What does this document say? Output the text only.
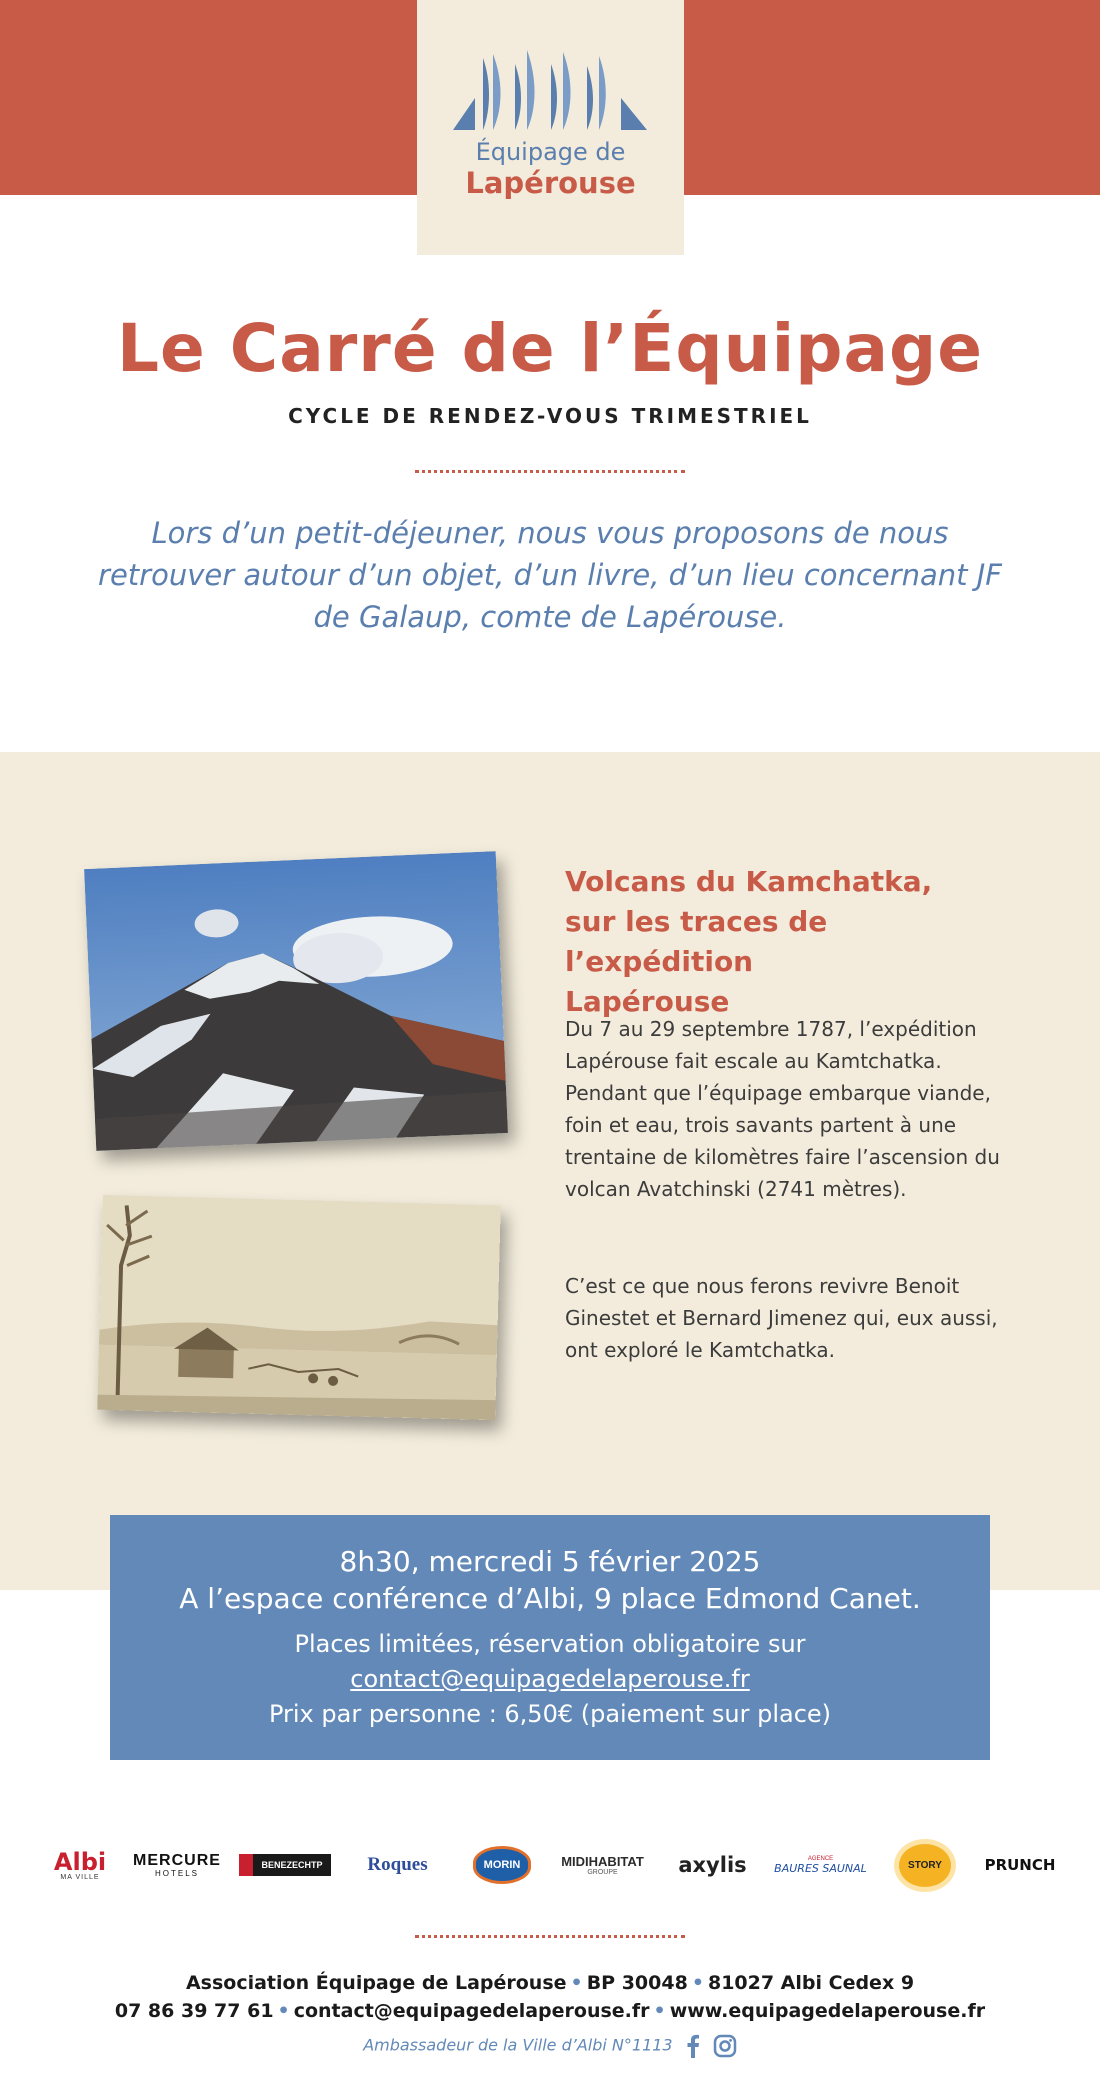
Équipage de
Lapérouse
Le Carré de l’Équipage
CYCLE DE RENDEZ-VOUS TRIMESTRIEL

Lors d’un petit-déjeuner, nous vous proposons de nous retrouver autour d’un objet, d’un livre, d’un lieu concernant JF de Galaup, comte de Lapérouse.

Volcans du Kamchatka,
sur les traces de l’expédition
Lapérouse

Du 7 au 29 septembre 1787, l’expédition Lapérouse fait escale au Kamtchatka. Pendant que l’équipage embarque viande, foin et eau, trois savants partent à une trentaine de kilomètres faire l’ascension du volcan Avatchinski (2741 mètres).

C’est ce que nous ferons revivre Benoit Ginestet et Bernard Jimenez qui, eux aussi, ont exploré le Kamtchatka.

8h30, mercredi 5 février 2025
A l’espace conférence d’Albi, 9 place Edmond Canet.
Places limitées, réservation obligatoire sur
contact@equipagedelaperouse.fr
Prix par personne : 6,50€ (paiement sur place)
Albi
MA VILLE
MERCURE
HOTELS
BENEZECHTP	Roques	MORIN	MIDIHABITAT
GROUPE	axylis	AGENCE
BAURES SAUNAL	STORY	PRUNCH
Association Équipage de Lapérouse • BP 30048 • 81027 Albi Cedex 9
07 86 39 77 61 • contact@equipagedelaperouse.fr • www.equipagedelaperouse.fr
Ambassadeur de la Ville d’Albi N°1113
